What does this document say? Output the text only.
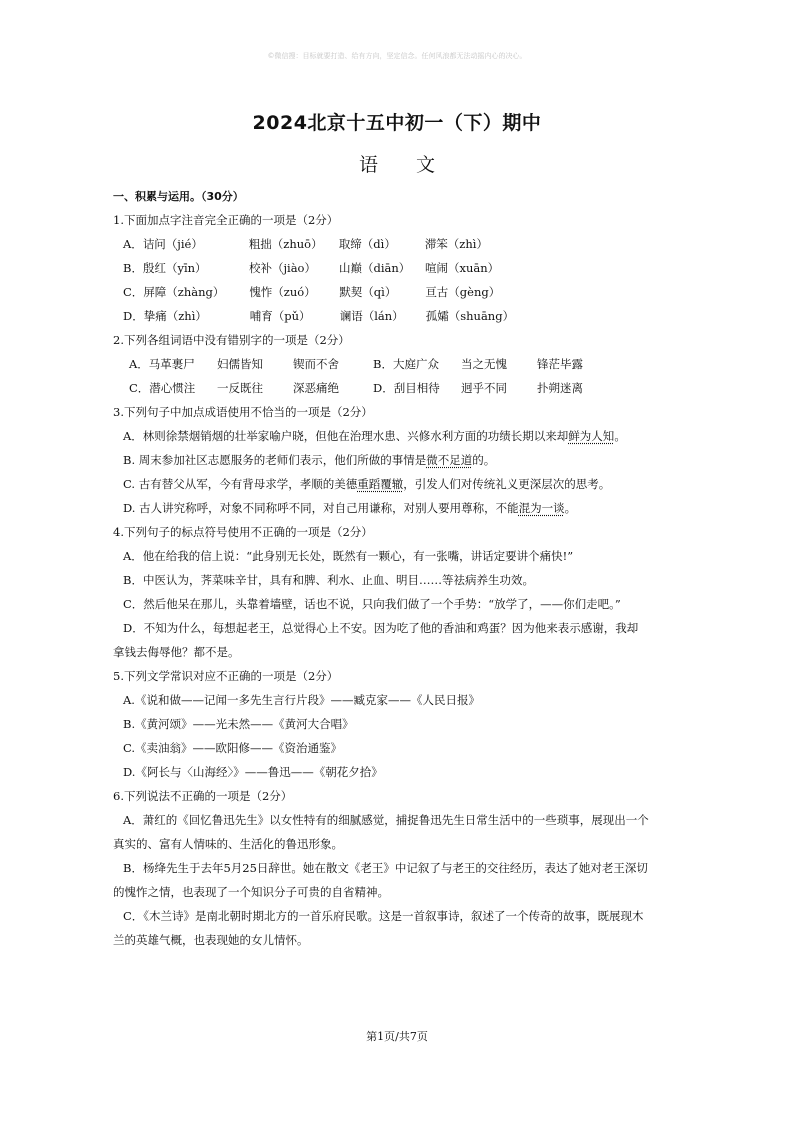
©微信搜：目标就要打造、给有方向，坚定信念。任何风浪都无法动摇内心的决心。
2024北京十五中初一（下）期中
语　　文
一、积累与运用。（30分）
1.下面加点字注音完全正确的一项是（2分）
A．诘问（jié）	粗拙（zhuō） 取缔（dì）	滞笨（zhì）
B．殷红（yīn）	校补（jiào） 山巅（diān） 喧闹（xuān）
C．屏障（zhàng） 愧怍（zuó） 默契（qì）	亘古（gèng）
D．挚痛（zhì）	哺育（pǔ）	谰语（lán） 孤孀（shuāng）
2.下列各组词语中没有错别字的一项是（2分）
A．马革裹尸 妇儒皆知	锲而不舍	B．大庭广众 当之无愧	锋茫毕露
C．潜心惯注 一反既往	深恶痛绝	D．刮目相待 迥乎不同	扑朔迷离
3.下列句子中加点成语使用不恰当的一项是（2分）
A．林则徐禁烟销烟的壮举家喻户晓，但他在治理水患、兴修水利方面的功绩长期以来却鲜为人知。
B. 周末参加社区志愿服务的老师们表示，他们所做的事情是微不足道的。
C. 古有替父从军，今有背母求学，孝顺的美德重蹈覆辙，引发人们对传统礼义更深层次的思考。
D. 古人讲究称呼，对象不同称呼不同，对自己用谦称，对别人要用尊称，不能混为一谈。
4.下列句子的标点符号使用不正确的一项是（2分）
A．他在给我的信上说：“此身别无长处，既然有一颗心，有一张嘴，讲话定要讲个痛快!”
B．中医认为，荠菜味辛甘，具有和脾、利水、止血、明目……等祛病养生功效。
C．然后他呆在那儿，头靠着墙壁，话也不说，只向我们做了一个手势：“放学了，——你们走吧。”
D．不知为什么，每想起老王，总觉得心上不安。因为吃了他的香油和鸡蛋？因为他来表示感谢，我却
拿钱去侮辱他？都不是。
5.下列文学常识对应不正确的一项是（2分）
A.《说和做——记闻一多先生言行片段》——臧克家——《人民日报》
B.《黄河颂》——光未然——《黄河大合唱》
C.《卖油翁》——欧阳修——《资治通鉴》
D.《阿长与〈山海经〉》——鲁迅——《朝花夕拾》
6.下列说法不正确的一项是（2分）
A．萧红的《回忆鲁迅先生》以女性特有的细腻感觉，捕捉鲁迅先生日常生活中的一些琐事，展现出一个
真实的、富有人情味的、生活化的鲁迅形象。
B．杨绛先生于去年5月25日辞世。她在散文《老王》中记叙了与老王的交往经历，表达了她对老王深切
的愧怍之情，也表现了一个知识分子可贵的自省精神。
C．《木兰诗》是南北朝时期北方的一首乐府民歌。这是一首叙事诗，叙述了一个传奇的故事，既展现木
兰的英雄气概，也表现她的女儿情怀。
第1页/共7页
